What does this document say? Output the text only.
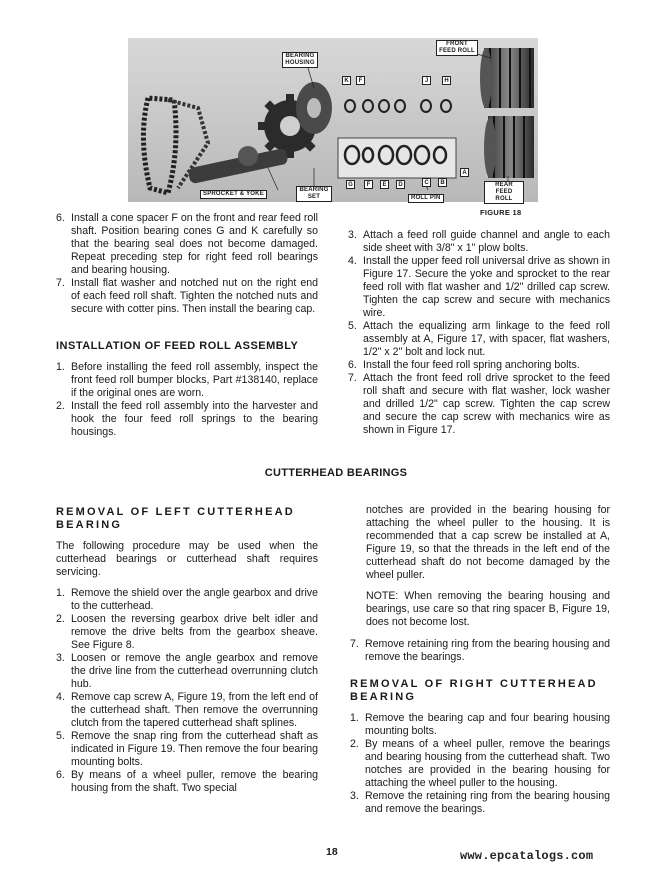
BEARING HOUSING
FRONT FEED ROLL
SPROCKET & YOKE
BEARING SET	ROLL PIN
REAR FEED ROLL
K	F	J	H
G	F	E	D	C	B
A
FIGURE 18
6. Install a cone spacer F on the front and rear feed roll shaft. Position bearing cones G and K carefully so that the bearing seal does not become damaged. Repeat preceding step for right feed roll bearings and bearing housing.
7. Install flat washer and notched nut on the right end of each feed roll shaft. Tighten the notched nuts and secure with cotter pins. Then install the bearing cap.
INSTALLATION OF FEED ROLL ASSEMBLY
1. Before installing the feed roll assembly, inspect the front feed roll bumper blocks, Part #138140, replace if the original ones are worn.
2. Install the feed roll assembly into the harvester and hook the four feed roll springs to the bearing housings.
3. Attach a feed roll guide channel and angle to each side sheet with 3/8" x 1" plow bolts.
4. Install the upper feed roll universal drive as shown in Figure 17. Secure the yoke and sprocket to the rear feed roll with flat washer and 1/2" drilled cap screw. Tighten the cap screw and secure with mechanics wire.
5. Attach the equalizing arm linkage to the feed roll assembly at A, Figure 17, with spacer, flat washers, 1/2" x 2" bolt and lock nut.
6. Install the four feed roll spring anchoring bolts.
7. Attach the front feed roll drive sprocket to the feed roll shaft and secure with flat washer, lock washer and drilled 1/2" cap screw. Tighten the cap screw and secure the cap screw with mechanics wire as shown in Figure 17.
CUTTERHEAD BEARINGS
REMOVAL OF LEFT CUTTERHEAD BEARING

The following procedure may be used when the cutterhead bearings or cutterhead shaft requires servicing.

1. Remove the shield over the angle gearbox and drive to the cutterhead.
2. Loosen the reversing gearbox drive belt idler and remove the drive belts from the gearbox sheave. See Figure 8.
3. Loosen or remove the angle gearbox and remove the drive line from the cutterhead overrunning clutch hub.
4. Remove cap screw A, Figure 19, from the left end of the cutterhead shaft. Then remove the overrunning clutch from the tapered cutterhead shaft splines.
5. Remove the snap ring from the cutterhead shaft as indicated in Figure 19. Then remove the four bearing mounting bolts.
6. By means of a wheel puller, remove the bearing housing from the shaft. Two special

notches are provided in the bearing housing for attaching the wheel puller to the housing. It is recommended that a cap screw be installed at A, Figure 19, so that the threads in the left end of the cutterhead shaft do not become damaged by the wheel puller.

NOTE: When removing the bearing housing and bearings, use care so that ring spacer B, Figure 19, does not become lost.

7. Remove retaining ring from the bearing housing and remove the bearings.
REMOVAL OF RIGHT CUTTERHEAD BEARING
1. Remove the bearing cap and four bearing housing mounting bolts.
2. By means of a wheel puller, remove the bearings and bearing housing from the cutterhead shaft. Two notches are provided in the bearing housing for attaching the wheel puller to the housing.
3. Remove the retaining ring from the bearing housing and remove the bearings.
18	www.epcatalogs.com
